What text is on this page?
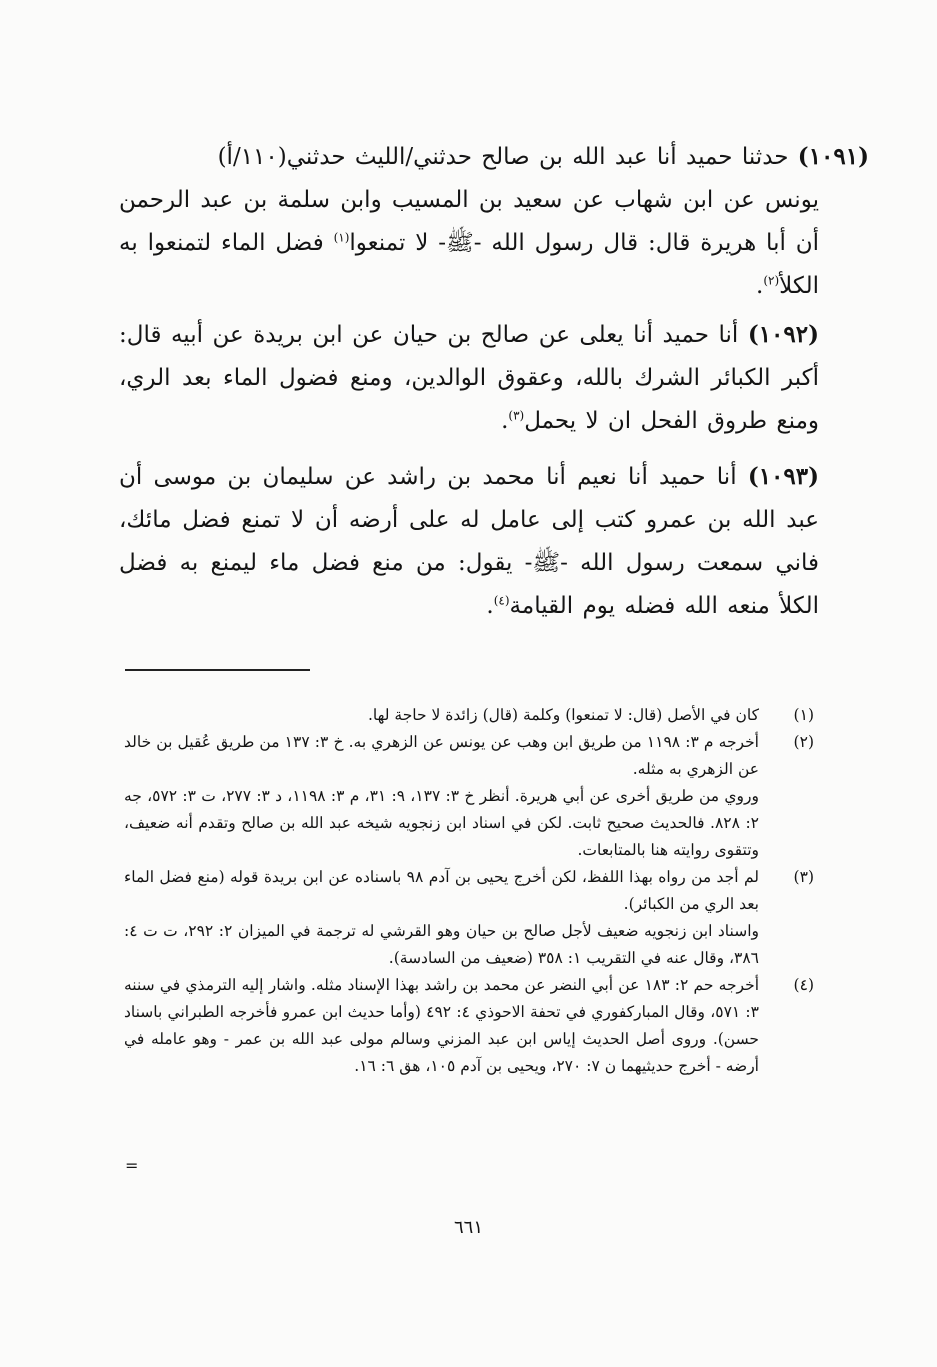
(١٠٩١) حدثنا حميد أنا عبد الله بن صالح حدثني/الليث حدثني(١١٠/أ)

يونس عن ابن شهاب عن سعيد بن المسيب وابن سلمة بن عبد الرحمن أن أبا هريرة قال: قال رسول الله -ﷺ- لا تمنعوا$^{(١)}$ فضل الماء لتمنعوا به الكلأ$^{(٢)}$.

(١٠٩٢) أنا حميد أنا يعلى عن صالح بن حيان عن ابن بريدة عن أبيه قال: أكبر الكبائر الشرك بالله، وعقوق الوالدين، ومنع فضول الماء بعد الري، ومنع طروق الفحل ان لا يحمل$^{(٣)}$.

(١٠٩٣) أنا حميد أنا نعيم أنا محمد بن راشد عن سليمان بن موسى أن عبد الله بن عمرو كتب إلى عامل له على أرضه أن لا تمنع فضل مائك، فاني سمعت رسول الله -ﷺ- يقول: من منع فضل ماء ليمنع به فضل الكلأ منعه الله فضله يوم القيامة$^{(٤)}$.

(١)

كان في الأصل (قال: لا تمنعوا) وكلمة (قال) زائدة لا حاجة لها.

(٢)

أخرجه م ٣: ١١٩٨ من طريق ابن وهب عن يونس عن الزهري به. خ ٣: ١٣٧ من طريق عُقيل بن خالد عن الزهري به مثله.

وروي من طريق أخرى عن أبي هريرة. أنظر خ ٣: ١٣٧، ٩: ٣١، م ٣: ١١٩٨، د ٣: ٢٧٧، ت ٣: ٥٧٢، جه ٢: ٨٢٨. فالحديث صحيح ثابت. لكن في اسناد ابن زنجويه شيخه عبد الله بن صالح وتقدم أنه ضعيف، وتتقوى روايته هنا بالمتابعات.

(٣)

لم أجد من رواه بهذا اللفظ، لكن أخرج يحيى بن آدم ٩٨ باسناده عن ابن بريدة قوله (منع فضل الماء بعد الري من الكبائر).

واسناد ابن زنجويه ضعيف لأجل صالح بن حيان وهو القرشي له ترجمة في الميزان ٢: ٢٩٢، ت ت ٤: ٣٨٦، وقال عنه في التقريب ١: ٣٥٨ (ضعيف من السادسة).

(٤)

أخرجه حم ٢: ١٨٣ عن أبي النضر عن محمد بن راشد بهذا الإسناد مثله. واشار إليه الترمذي في سننه ٣: ٥٧١، وقال المباركفوري في تحفة الاحوذي ٤: ٤٩٢ (وأما حديث ابن عمرو فأخرجه الطبراني باسناد حسن). وروى أصل الحديث إياس ابن عبد المزني وسالم مولى عبد الله بن عمر - وهو عامله في أرضه - أخرج حديثيهما ن ٧: ٢٧٠، ويحيى بن آدم ١٠٥، هق ٦: ١٦.

=
٦٦١
